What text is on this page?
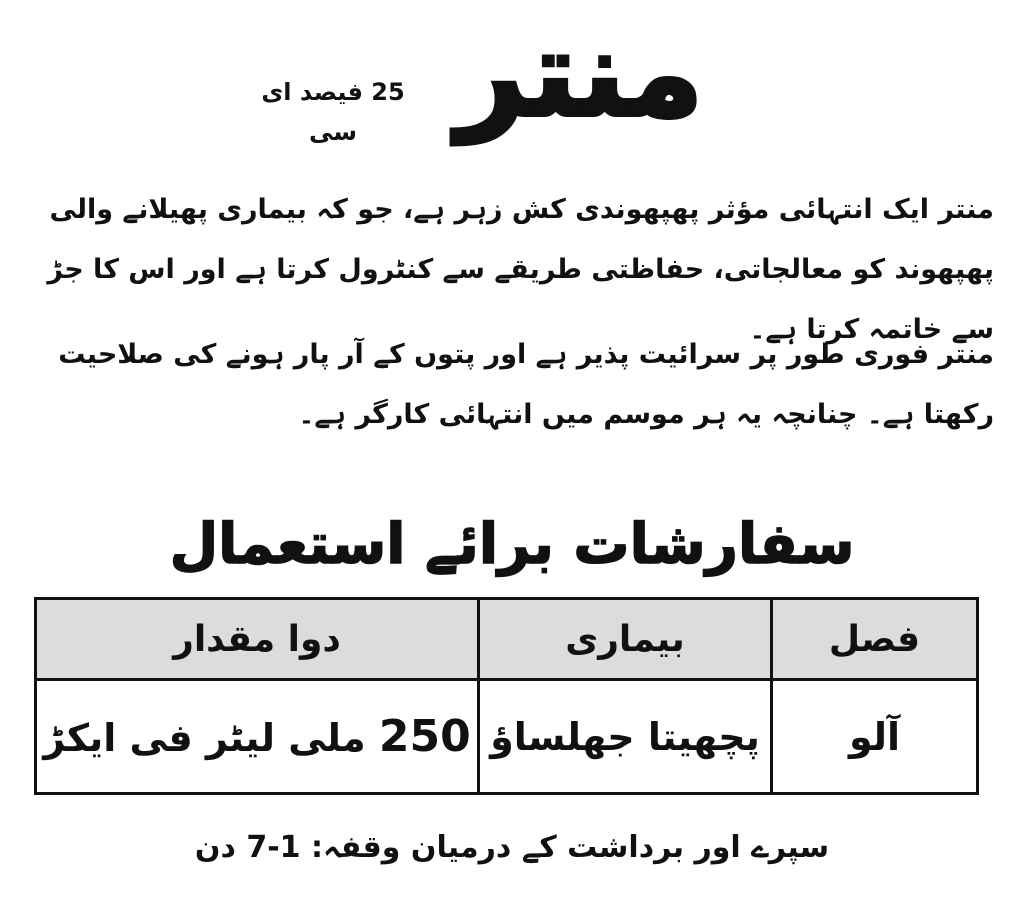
منتر
25 فیصد ای سی

منتر ایک انتہائی مؤثر پھپھوندی کش زہر ہے، جو کہ بیماری پھیلانے والی پھپھوند کو معالجاتی، حفاظتی طریقے سے کنٹرول کرتا ہے اور اس کا جڑ سے خاتمہ کرتا ہے۔

منتر فوری طور پر سرائیت پذیر ہے اور پتوں کے آر پار ہونے کی صلاحیت رکھتا ہے۔ چنانچہ یہ ہر موسم میں انتہائی کارگر ہے۔

سفارشات برائے استعمال
فصل	بیماری	دوا مقدار
آلو	پچھیتا جھلساؤ	250 ملی لیٹر فی ایکڑ
سپرے اور برداشت کے درمیان وقفہ: 1-7 دن
